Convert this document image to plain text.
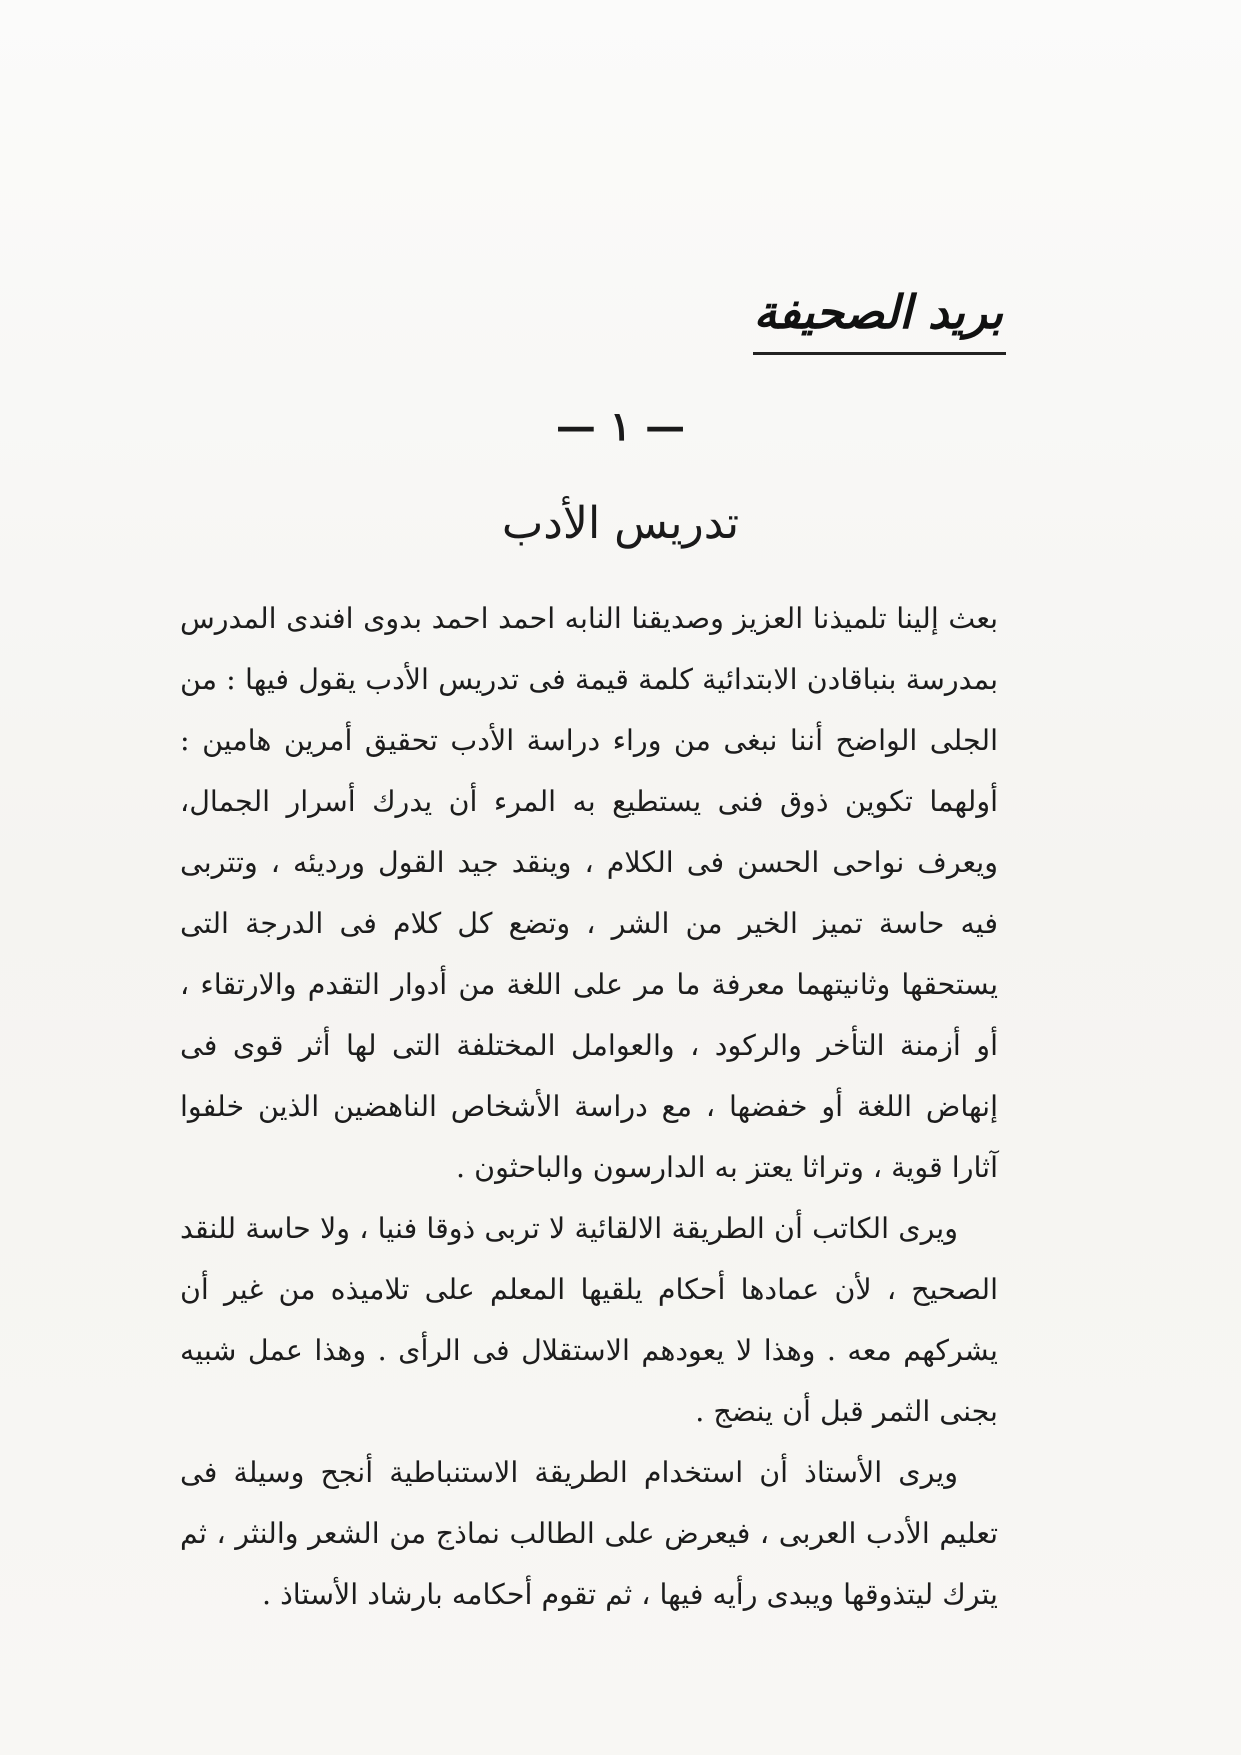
بريد الصحيفة
— ١ —
تدريس الأدب

بعث إلينا تلميذنا العزيز وصديقنا النابه احمد احمد بدوى افندى المدرس بمدرسة بنباقادن الابتدائية كلمة قيمة فى تدريس الأدب يقول فيها : من الجلى الواضح أننا نبغى من وراء دراسة الأدب تحقيق أمرين هامين : أولهما تكوين ذوق فنى يستطيع به المرء أن يدرك أسرار الجمال، ويعرف نواحى الحسن فى الكلام ، وينقد جيد القول ورديئه ، وتتربى فيه حاسة تميز الخير من الشر ، وتضع كل كلام فى الدرجة التى يستحقها وثانيتهما معرفة ما مر على اللغة من أدوار التقدم والارتقاء ، أو أزمنة التأخر والركود ، والعوامل المختلفة التى لها أثر قوى فى إنهاض اللغة أو خفضها ، مع دراسة الأشخاص الناهضين الذين خلفوا آثارا قوية ، وتراثا يعتز به الدارسون والباحثون .

ويرى الكاتب أن الطريقة الالقائية لا تربى ذوقا فنيا ، ولا حاسة للنقد الصحيح ، لأن عمادها أحكام يلقيها المعلم على تلاميذه من غير أن يشركهم معه . وهذا لا يعودهم الاستقلال فى الرأى . وهذا عمل شبيه بجنى الثمر قبل أن ينضج .

ويرى الأستاذ أن استخدام الطريقة الاستنباطية أنجح وسيلة فى تعليم الأدب العربى ، فيعرض على الطالب نماذج من الشعر والنثر ، ثم يترك ليتذوقها ويبدى رأيه فيها ، ثم تقوم أحكامه بارشاد الأستاذ .
